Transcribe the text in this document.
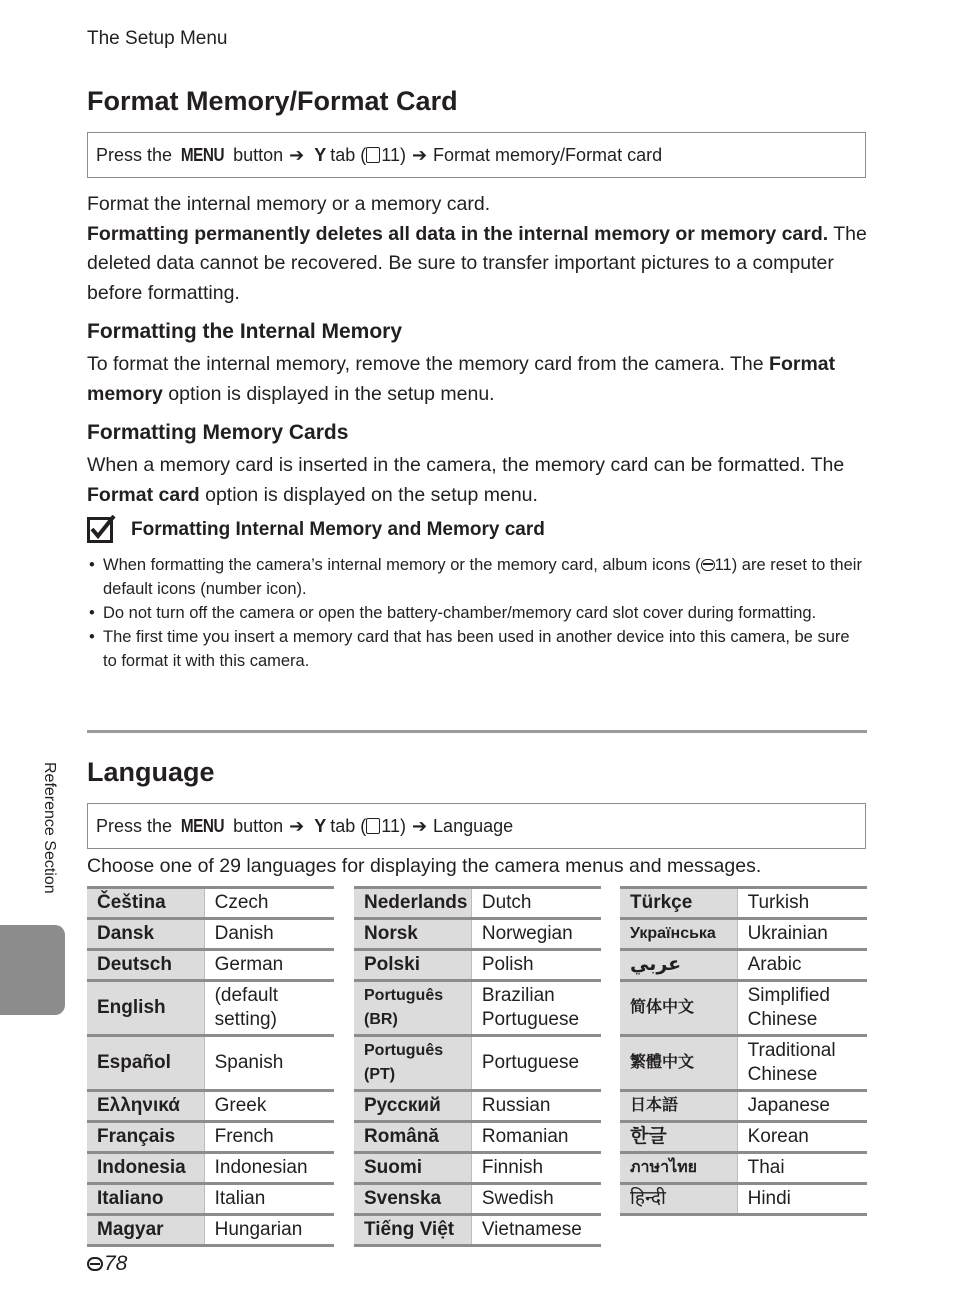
The Setup Menu
Format Memory/Format Card
Press the
MENU
button ➔ Y tab ( 11) ➔ Format memory/Format card
Format the internal memory or a memory card.
Formatting permanently deletes all data in the internal memory or memory card. The deleted data cannot be recovered. Be sure to transfer important pictures to a computer before formatting.
Formatting the Internal Memory
To format the internal memory, remove the memory card from the camera. The Format memory option is displayed in the setup menu.
Formatting Memory Cards
When a memory card is inserted in the camera, the memory card can be formatted. The Format card option is displayed on the setup menu.
Formatting Internal Memory and Memory card
• When formatting the camera’s internal memory or the memory card, album icons ( 11) are reset to their default icons (number icon).
• Do not turn off the camera or open the battery-chamber/memory card slot cover during formatting.
• The first time you insert a memory card that has been used in another device into this camera, be sure to format it with this camera.
Language
Press the
MENU
button ➔ Y tab ( 11) ➔ Language
Choose one of 29 languages for displaying the camera menus and messages.
Čeština	Czech
Dansk	Danish
Deutsch	German
English	(default setting)
Español	Spanish
Ελληνικά	Greek
Français	French
Indonesia	Indonesian
Italiano	Italian
Magyar	Hungarian
Nederlands	Dutch
Norsk	Norwegian
Polski	Polish
Português (BR)	Brazilian Portuguese
Português (PT)	Portuguese
Русский	Russian
Română	Romanian
Suomi	Finnish
Svenska	Swedish
Tiếng Việt	Vietnamese
Türkçe	Turkish
Українська	Ukrainian
عربي	Arabic
简体中文	Simplified Chinese
繁體中文	Traditional Chinese
日本語	Japanese
한글	Korean
ภาษาไทย	Thai
हिन्दी	Hindi
Reference Section
78
